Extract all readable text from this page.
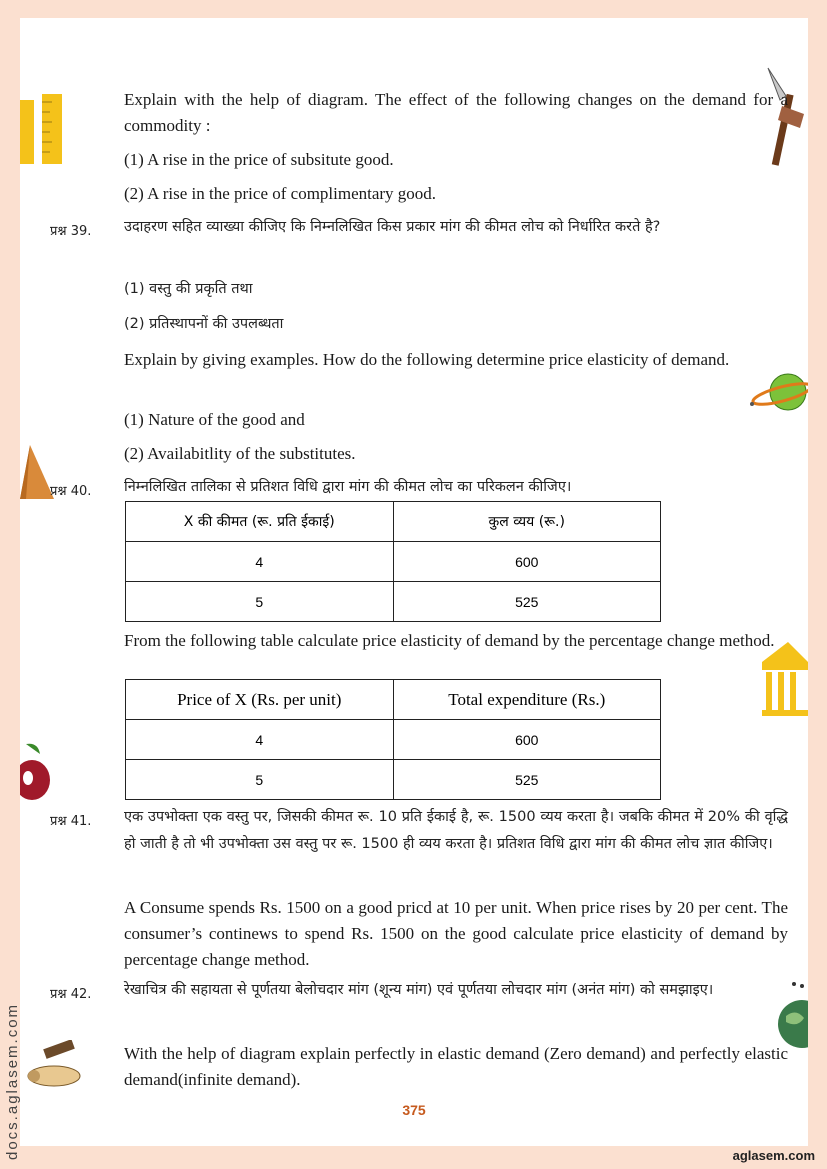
Explain with the help of diagram. The effect of the following changes on the demand for a commodity :
(1) A rise in the price of subsitute good.
(2) A rise in the price of complimentary good.
प्रश्न 39. उदाहरण सहित व्याख्या कीजिए कि निम्नलिखित किस प्रकार मांग की कीमत लोच को निर्धारित करते है?
(1) वस्तु की प्रकृति तथा
(2) प्रतिस्थापनों की उपलब्धता
Explain by giving examples. How do the following determine price elasticity of demand.
(1) Nature of the good and
(2) Availabitlity of the substitutes.
प्रश्न 40. निम्नलिखित तालिका से प्रतिशत विधि द्वारा मांग की कीमत लोच का परिकलन कीजिए।
X की कीमत (रू. प्रति ईकाई)	कुल व्यय (रू.)
4	600
5	525
From the following table calculate price elasticity of demand by the percentage change method.
Price of X (Rs. per unit)	Total expenditure (Rs.)
4	600
5	525
प्रश्न 41. एक उपभोक्ता एक वस्तु पर, जिसकी कीमत रू. 10 प्रति ईकाई है, रू. 1500 व्यय करता है। जबकि कीमत में 20% की वृद्धि हो जाती है तो भी उपभोक्ता उस वस्तु पर रू. 1500 ही व्यय करता है। प्रतिशत विधि द्वारा मांग की कीमत लोच ज्ञात कीजिए।
A Consume spends Rs. 1500 on a good pricd at 10 per unit. When price rises by 20 per cent. The consumer’s continews to spend Rs. 1500 on the good calculate price elasticity of demand by percentage change method.
प्रश्न 42. रेखाचित्र की सहायता से पूर्णतया बेलोचदार मांग (शून्य मांग) एवं पूर्णतया लोचदार मांग (अनंत मांग) को समझाइए।
With the help of diagram explain perfectly in elastic demand (Zero demand) and perfectly elastic demand(infinite demand).
375
docs.aglasem.com	aglasem.com
